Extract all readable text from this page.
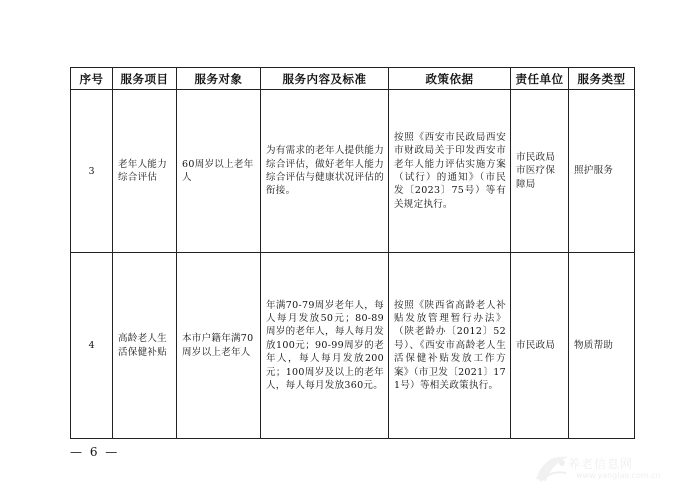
序号	服务项目	服务对象	服务内容及标准	政策依据	责任单位	服务类型
3	老年人能力综合评估	60周岁以上老年人	为有需求的老年人提供能力综合评估，做好老年人能力综合评估与健康状况评估的衔接。	按照《西安市民政局西安市财政局关于印发西安市老年人能力评估实施方案（试行）的通知》（市民发〔2023〕75号）等有关规定执行。	市民政局市医疗保障局	照护服务

4	高龄老人生活保健补贴	本市户籍年满70周岁以上老年人	年满70-79周岁老年人，每人每月发放50元；80-89周岁的老年人，每人每月发放100元；90-99周岁的老年人，每人每月发放200元；100周岁及以上的老年人，每人每月发放360元。	按照《陕西省高龄老人补贴发放管理暂行办法》（陕老龄办〔2012〕52号）、《西安市高龄老人生活保健补贴发放工作方案》（市卫发〔2021〕171号）等相关政策执行。	市民政局	物质帮助
— 6 —
养老信息网
www.yanglao.com.cn
